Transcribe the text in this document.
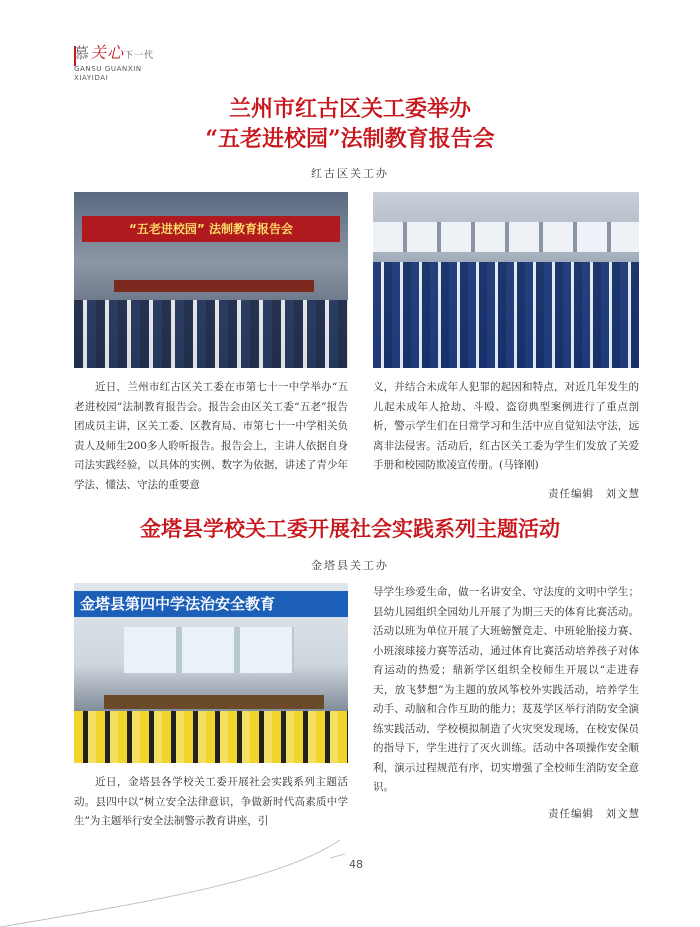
慕关心下一代
GANSU GUANXIN
XIAYIDAI
兰州市红古区关工委举办
“五老进校园”法制教育报告会
红古区关工办
“五老进校园” 法制教育报告会

近日，兰州市红古区关工委在市第七十一中学举办“五老进校园”法制教育报告会。报告会由区关工委“五老”报告团成员主讲，区关工委、区教育局、市第七十一中学相关负责人及师生200多人聆听报告。报告会上，主讲人依据自身司法实践经验，以具体的实例、数字为依据，讲述了青少年学法、懂法、守法的重要意

义，并结合未成年人犯罪的起因和特点，对近几年发生的儿起未成年人抢劫、斗殴、盗窃典型案例进行了重点剖析，警示学生们在日常学习和生活中应自觉知法守法，远离非法侵害。活动后，红古区关工委为学生们发放了关爱手册和校园防欺凌宣传册。(马锋刚)

责任编辑　刘文慧
金塔县学校关工委开展社会实践系列主题活动
金塔县关工办
金塔县第四中学法治安全教育

导学生珍爱生命，做一名讲安全、守法度的文明中学生；县幼儿园组织全园幼儿开展了为期三天的体育比赛活动。活动以班为单位开展了大班螃蟹竞走、中班轮胎接力赛、小班滚球接力赛等活动，通过体育比赛活动培养孩子对体育运动的热爱；鼎新学区组织全校师生开展以“走进春天，放飞梦想”为主题的放风筝校外实践活动，培养学生动手、动脑和合作互助的能力；芨芨学区举行消防安全演练实践活动，学校模拟制造了火灾突发现场，在校安保员的指导下，学生进行了灭火训练。活动中各项操作安全顺利，演示过程规范有序，切实增强了全校师生消防安全意识。

近日，金塔县各学校关工委开展社会实践系列主题活动。县四中以“树立安全法律意识，争做新时代高素质中学生”为主题举行安全法制警示教育讲座，引

责任编辑　刘文慧
48
